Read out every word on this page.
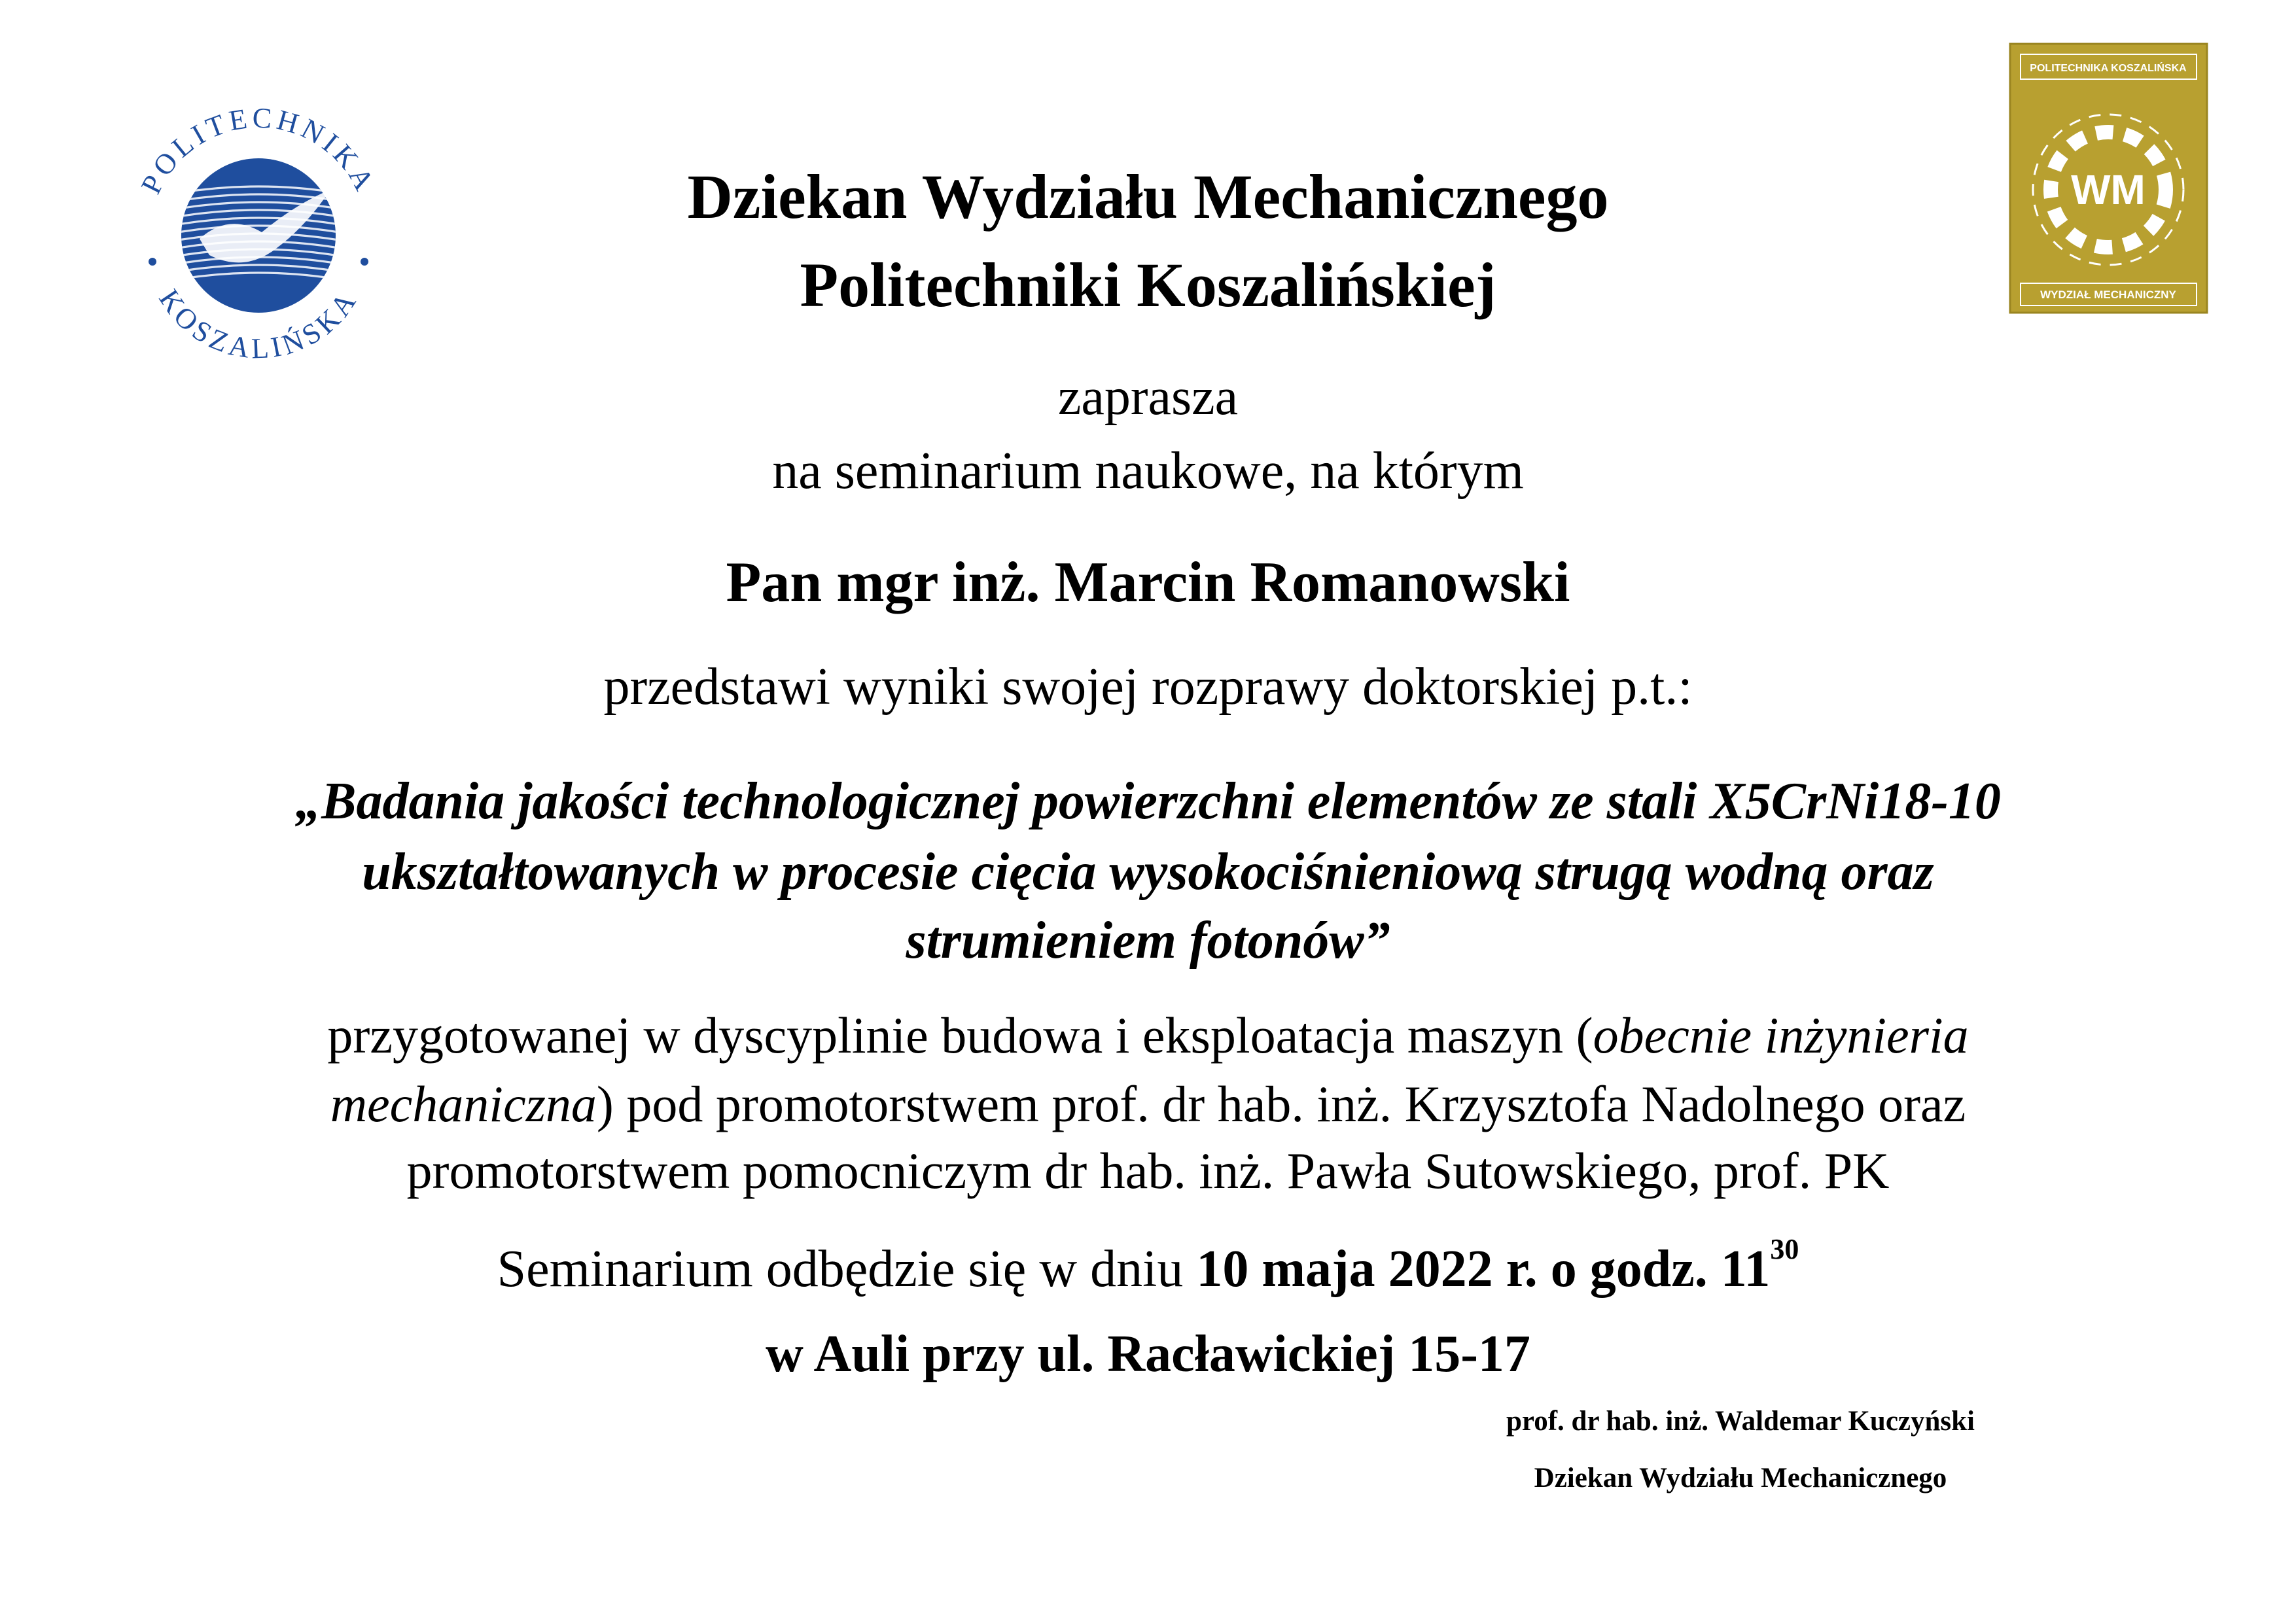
POLITECHNIKA
KOSZALIŃSKA
POLITECHNIKA KOSZALIŃSKA
WM
WYDZIAŁ MECHANICZNY
Dziekan Wydziału Mechanicznego
Politechniki Koszalińskiej
zaprasza
na seminarium naukowe, na którym
Pan mgr inż. Marcin Romanowski
przedstawi wyniki swojej rozprawy doktorskiej p.t.:
„Badania jakości technologicznej powierzchni elementów ze stali X5CrNi18-10
ukształtowanych w procesie cięcia wysokociśnieniową strugą wodną oraz
strumieniem fotonów”
przygotowanej w dyscyplinie budowa i eksploatacja maszyn (obecnie inżynieria
mechaniczna) pod promotorstwem prof. dr hab. inż. Krzysztofa Nadolnego oraz
promotorstwem pomocniczym dr hab. inż. Pawła Sutowskiego, prof. PK
Seminarium odbędzie się w dniu 10 maja 2022 r. o godz. $11^{30}$
w Auli przy ul. Racławickiej 15-17
prof. dr hab. inż. Waldemar Kuczyński
Dziekan Wydziału Mechanicznego
